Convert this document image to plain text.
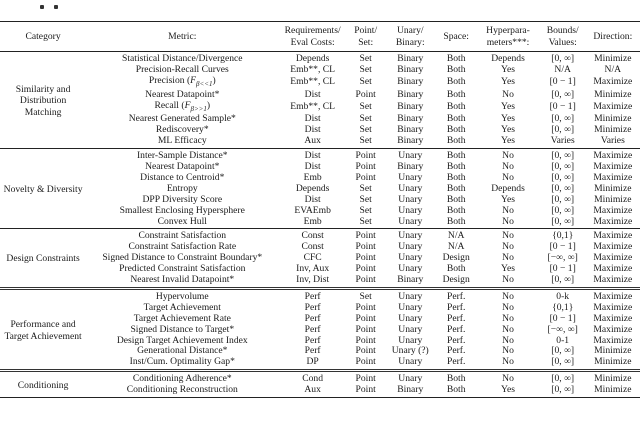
Category	Metric:	Requirements/ Eval Costs:	Point/ Set:	Unary/ Binary:	Space:	Hyperpara- meters***:	Bounds/ Values:	Direction:
Similarity and Distribution Matching	Statistical Distance/Divergence	Depends	Set	Binary	Both	Depends	[0, ∞]	Minimize
	Precision-Recall Curves	Emb**, CL	Set	Binary	Both	Yes	N/A	N/A
	Precision $(F_{\beta<<1})$	Emb**, CL	Set	Binary	Both	Yes	[0 − 1]	Maximize
	Nearest Datapoint*	Dist	Point	Binary	Both	No	[0, ∞]	Minimize
	Recall $(F_{\beta>>1})$	Emb**, CL	Set	Binary	Both	Yes	[0 − 1]	Maximize
	Nearest Generated Sample*	Dist	Set	Binary	Both	Yes	[0, ∞]	Minimize
	Rediscovery*	Dist	Set	Binary	Both	Yes	[0, ∞]	Minimize
	ML Efficacy	Aux	Set	Binary	Both	Yes	Varies	Varies
Novelty & Diversity	Inter-Sample Distance*	Dist	Point	Unary	Both	No	[0, ∞]	Maximize
	Nearest Datapoint*	Dist	Point	Binary	Both	No	[0, ∞]	Maximize
	Distance to Centroid*	Emb	Point	Unary	Both	No	[0, ∞]	Maximize
	Entropy	Depends	Set	Unary	Both	Depends	[0, ∞]	Minimize
	DPP Diversity Score	Dist	Set	Unary	Both	Yes	[0, ∞]	Minimize
	Smallest Enclosing Hypersphere	EVAEmb	Set	Unary	Both	No	[0, ∞]	Maximize
	Convex Hull	Emb	Set	Unary	Both	No	[0, ∞]	Maximize
Design Constraints	Constraint Satisfaction	Const	Point	Unary	N/A	No	{0,1}	Maximize
	Constraint Satisfaction Rate	Const	Point	Unary	N/A	No	[0 − 1]	Maximize
	Signed Distance to Constraint Boundary*	CFC	Point	Unary	Design	No	[−∞, ∞]	Maximize
	Predicted Constraint Satisfaction	Inv, Aux	Point	Unary	Both	Yes	[0 − 1]	Maximize
	Nearest Invalid Datapoint*	Inv, Dist	Point	Binary	Design	No	[0, ∞]	Maximize
Performance and Target Achievement	Hypervolume	Perf	Set	Unary	Perf.	No	0-k	Maximize
	Target Achievement	Perf	Point	Unary	Perf.	No	{0,1}	Maximize
	Target Achievement Rate	Perf	Point	Unary	Perf.	No	[0 − 1]	Maximize
	Signed Distance to Target*	Perf	Point	Unary	Perf.	No	[−∞, ∞]	Maximize
	Design Target Achievement Index	Perf	Point	Unary	Perf.	No	0-1	Maximize
	Generational Distance*	Perf	Point	Unary (?)	Perf.	No	[0, ∞]	Minimize
	Inst/Cum. Optimality Gap*	DP	Point	Unary	Perf.	No	[0, ∞]	Minimize
Conditioning	Conditioning Adherence*	Cond	Point	Unary	Both	No	[0, ∞]	Minimize
	Conditioning Reconstruction	Aux	Point	Binary	Both	Yes	[0, ∞]	Minimize
